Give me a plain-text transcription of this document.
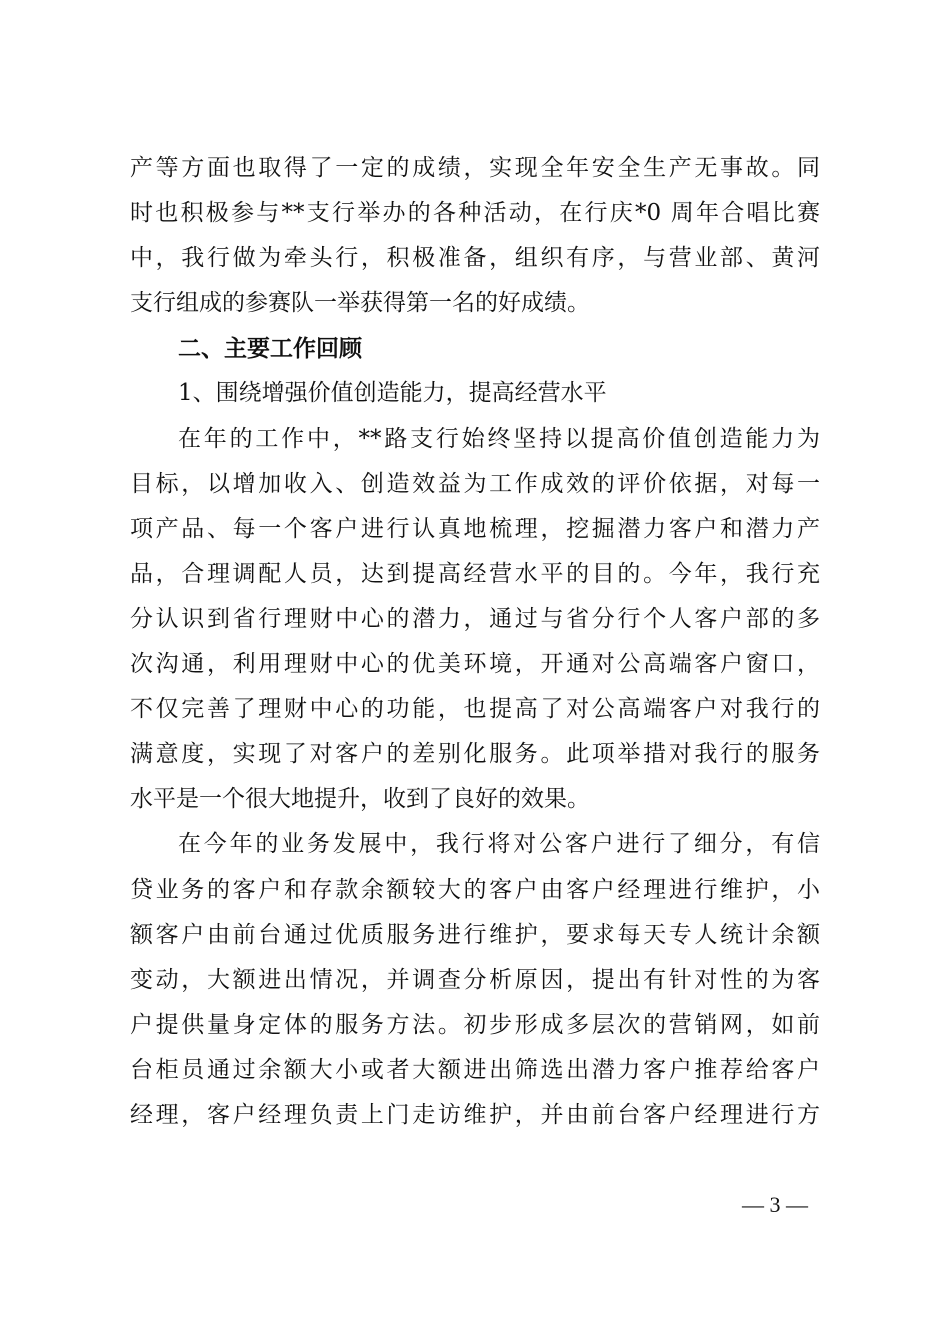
产等方面也取得了一定的成绩，实现全年安全生产无事故。同
时也积极参与**支行举办的各种活动，在行庆*0 周年合唱比赛
中，我行做为牵头行，积极准备，组织有序，与营业部、黄河
支行组成的参赛队一举获得第一名的好成绩。
二、主要工作回顾
1、围绕增强价值创造能力，提高经营水平
在年的工作中，**路支行始终坚持以提高价值创造能力为
目标，以增加收入、创造效益为工作成效的评价依据，对每一
项产品、每一个客户进行认真地梳理，挖掘潜力客户和潜力产
品，合理调配人员，达到提高经营水平的目的。今年，我行充
分认识到省行理财中心的潜力，通过与省分行个人客户部的多
次沟通，利用理财中心的优美环境，开通对公高端客户窗口，
不仅完善了理财中心的功能，也提高了对公高端客户对我行的
满意度，实现了对客户的差别化服务。此项举措对我行的服务
水平是一个很大地提升，收到了良好的效果。
在今年的业务发展中，我行将对公客户进行了细分，有信
贷业务的客户和存款余额较大的客户由客户经理进行维护，小
额客户由前台通过优质服务进行维护，要求每天专人统计余额
变动，大额进出情况，并调查分析原因，提出有针对性的为客
户提供量身定体的服务方法。初步形成多层次的营销网，如前
台柜员通过余额大小或者大额进出筛选出潜力客户推荐给客户
经理，客户经理负责上门走访维护，并由前台客户经理进行方
— 3 —
